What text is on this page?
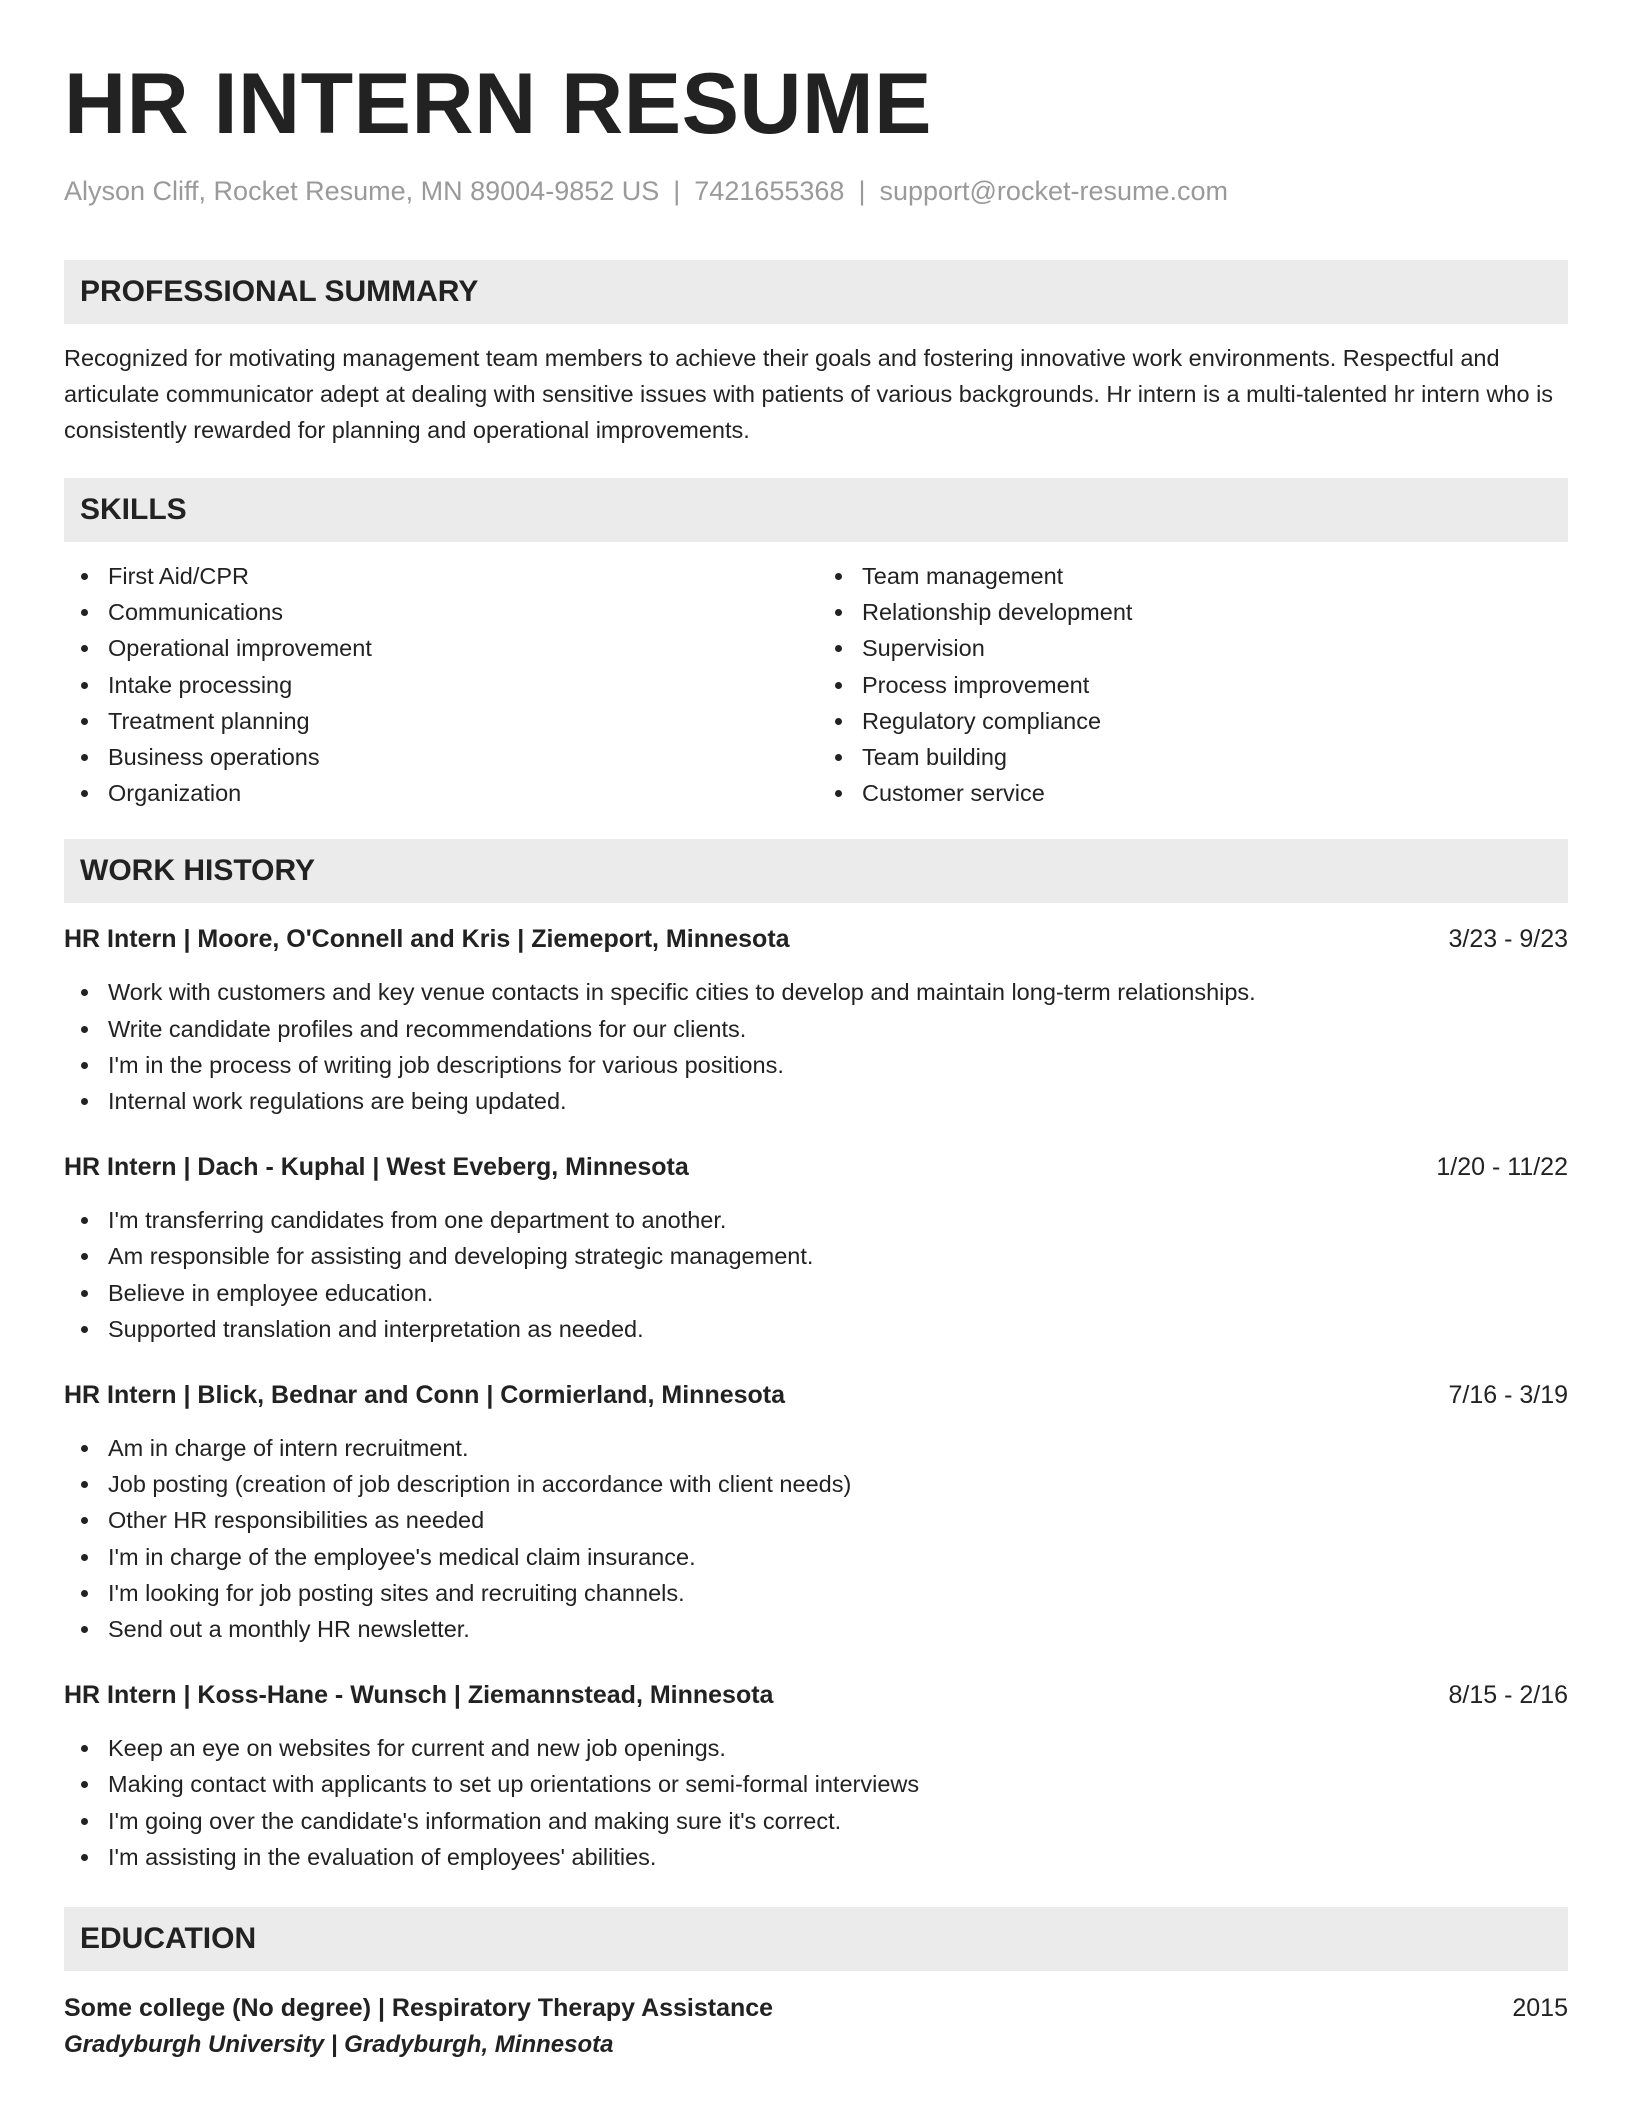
HR INTERN RESUME
Alyson Cliff, Rocket Resume, MN 89004-9852 US | 7421655368 | support@rocket-resume.com
PROFESSIONAL SUMMARY
Recognized for motivating management team members to achieve their goals and fostering innovative work environments. Respectful and articulate communicator adept at dealing with sensitive issues with patients of various backgrounds. Hr intern is a multi-talented hr intern who is consistently rewarded for planning and operational improvements.
SKILLS
First Aid/CPR
Communications
Operational improvement
Intake processing
Treatment planning
Business operations
Organization
Team management
Relationship development
Supervision
Process improvement
Regulatory compliance
Team building
Customer service
WORK HISTORY
HR Intern | Moore, O'Connell and Kris | Ziemeport, Minnesota	3/23 - 9/23
Work with customers and key venue contacts in specific cities to develop and maintain long-term relationships.
Write candidate profiles and recommendations for our clients.
I'm in the process of writing job descriptions for various positions.
Internal work regulations are being updated.
HR Intern | Dach - Kuphal | West Eveberg, Minnesota	1/20 - 11/22
I'm transferring candidates from one department to another.
Am responsible for assisting and developing strategic management.
Believe in employee education.
Supported translation and interpretation as needed.
HR Intern | Blick, Bednar and Conn | Cormierland, Minnesota	7/16 - 3/19
Am in charge of intern recruitment.
Job posting (creation of job description in accordance with client needs)
Other HR responsibilities as needed
I'm in charge of the employee's medical claim insurance.
I'm looking for job posting sites and recruiting channels.
Send out a monthly HR newsletter.
HR Intern | Koss-Hane - Wunsch | Ziemannstead, Minnesota	8/15 - 2/16
Keep an eye on websites for current and new job openings.
Making contact with applicants to set up orientations or semi-formal interviews
I'm going over the candidate's information and making sure it's correct.
I'm assisting in the evaluation of employees' abilities.
EDUCATION
Some college (No degree) | Respiratory Therapy Assistance	2015
Gradyburgh University | Gradyburgh, Minnesota
